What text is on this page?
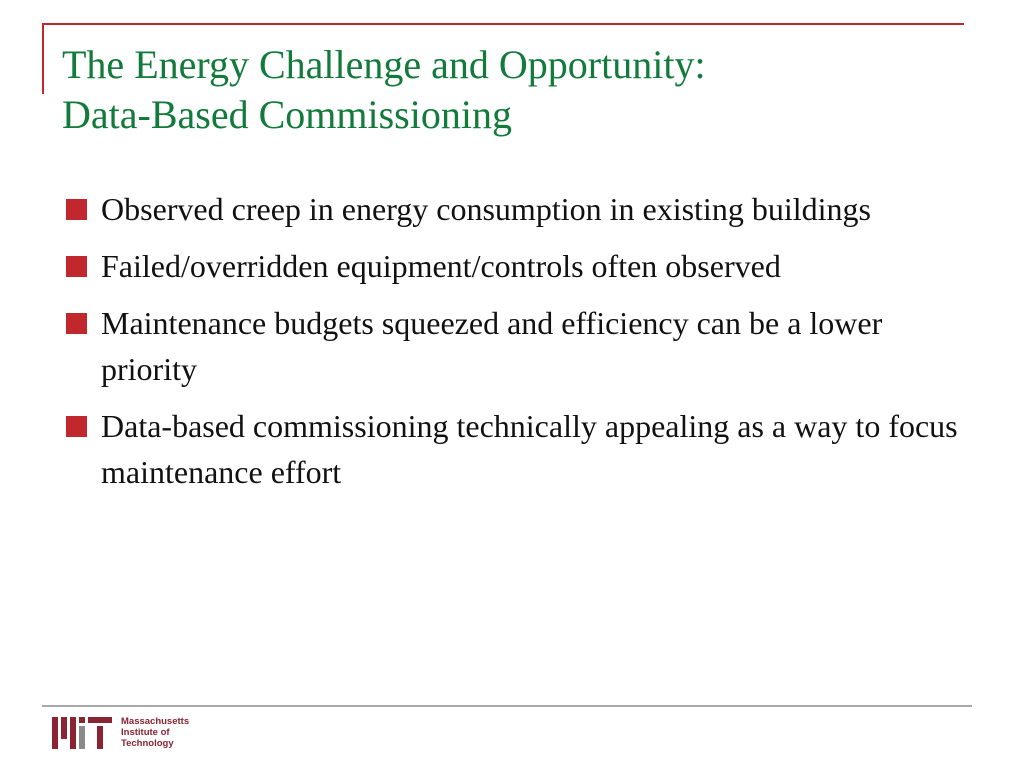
The Energy Challenge and Opportunity:
Data-Based Commissioning
Observed creep in energy consumption in existing buildings
Failed/overridden equipment/controls often observed
Maintenance budgets squeezed and efficiency can be a lower priority
Data-based commissioning technically appealing as a way to focus maintenance effort
Massachusetts
Institute of
Technology
